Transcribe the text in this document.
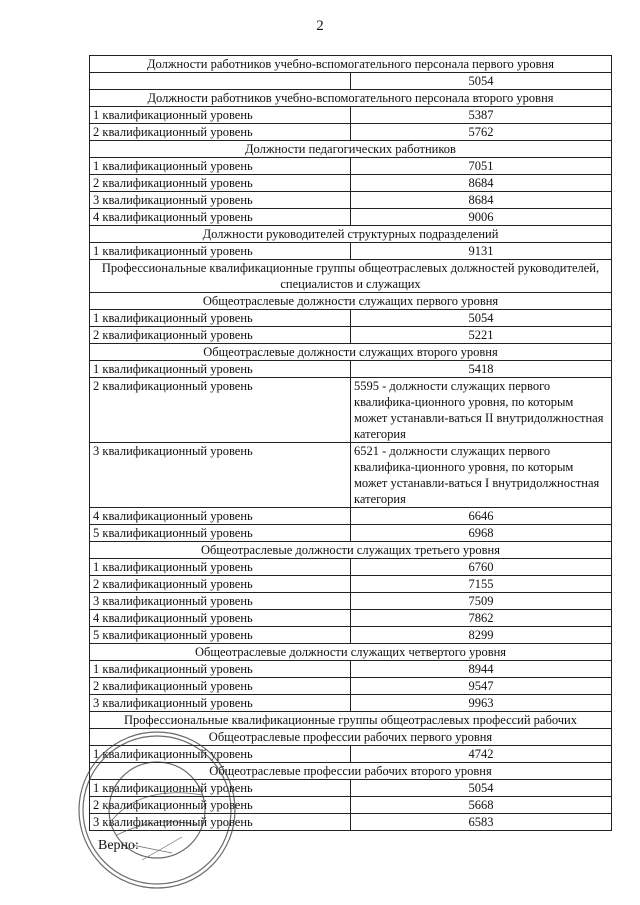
2
Должности работников учебно-вспомогательного персонала первого уровня	
	5054
Должности работников учебно-вспомогательного персонала второго уровня	
1 квалификационный уровень	5387
2 квалификационный уровень	5762
Должности педагогических работников	
1 квалификационный уровень	7051
2 квалификационный уровень	8684
3 квалификационный уровень	8684
4 квалификационный уровень	9006
Должности руководителей структурных подразделений	
1 квалификационный уровень	9131
Профессиональные квалификационные группы общеотраслевых должностей руководителей, специалистов и служащих	
Общеотраслевые должности служащих первого уровня	
1 квалификационный уровень	5054
2 квалификационный уровень	5221
Общеотраслевые должности служащих второго уровня	
1 квалификационный уровень	5418
2 квалификационный уровень	5595 - должности служащих первого квалифика-ционного уровня, по которым может устанавли-ваться II внутридолжностная категория
3 квалификационный уровень	6521 - должности служащих первого квалифика-ционного уровня, по которым может устанавли-ваться I внутридолжностная категория
4 квалификационный уровень	6646
5 квалификационный уровень	6968
Общеотраслевые должности служащих третьего уровня	
1 квалификационный уровень	6760
2 квалификационный уровень	7155
3 квалификационный уровень	7509
4 квалификационный уровень	7862
5 квалификационный уровень	8299
Общеотраслевые должности служащих четвертого уровня	
1 квалификационный уровень	8944
2 квалификационный уровень	9547
3 квалификационный уровень	9963
Профессиональные квалификационные группы общеотраслевых профессий рабочих	
Общеотраслевые профессии рабочих первого уровня	
1 квалификационный уровень	4742
Общеотраслевые профессии рабочих второго уровня	
1 квалификационный уровень	5054
2 квалификационный уровень	5668
3 квалификационный уровень	6583
Верно:
